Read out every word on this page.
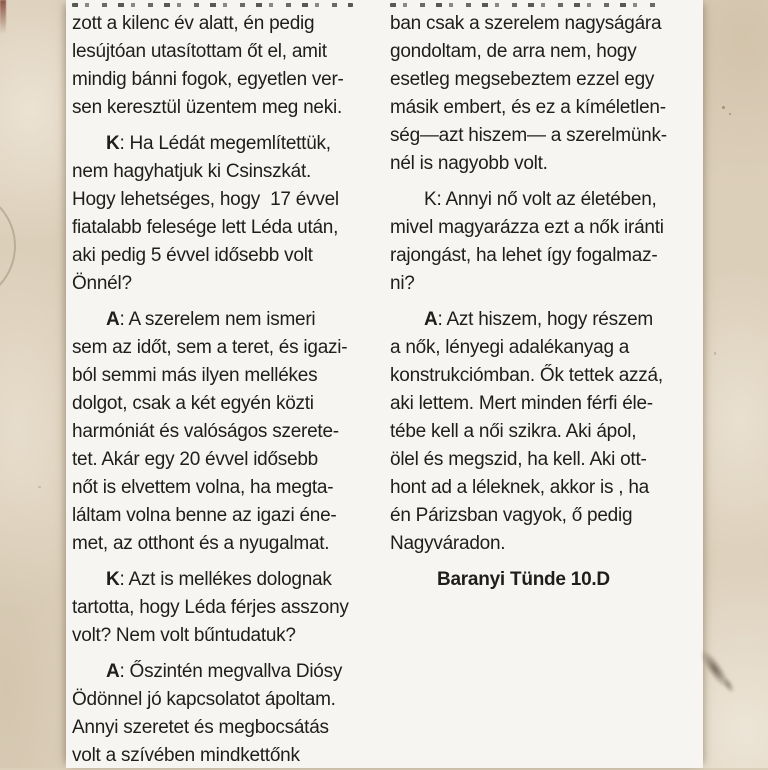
zott a kilenc év alatt, én pedig
lesújtóan utasítottam őt el, amit
mindig bánni fogok, egyetlen ver-
sen keresztül üzentem meg neki.
K: Ha Lédát megemlítettük,
nem hagyhatjuk ki Csinszkát.
Hogy lehetséges, hogy  17 évvel
fiatalabb felesége lett Léda után,
aki pedig 5 évvel idősebb volt
Önnél?
A: A szerelem nem ismeri
sem az időt, sem a teret, és igazi-
ból semmi más ilyen mellékes
dolgot, csak a két egyén közti
harmóniát és valóságos szerete-
tet. Akár egy 20 évvel idősebb
nőt is elvettem volna, ha megta-
láltam volna benne az igazi éne-
met, az otthont és a nyugalmat.
K: Azt is mellékes dolognak
tartotta, hogy Léda férjes asszony
volt? Nem volt bűntudatuk?
A: Őszintén megvallva Diósy
Ödönnel jó kapcsolatot ápoltam.
Annyi szeretet és megbocsátás
volt a szívében mindkettőnk
ban csak a szerelem nagyságára
gondoltam, de arra nem, hogy
esetleg megsebeztem ezzel egy
másik embert, és ez a kíméletlen-
ség—azt hiszem— a szerelmünk-
nél is nagyobb volt.
K: Annyi nő volt az életében,
mivel magyarázza ezt a nők iránti
rajongást, ha lehet így fogalmaz-
ni?
A: Azt hiszem, hogy részem
a nők, lényegi adalékanyag a
konstrukciómban. Ők tettek azzá,
aki lettem. Mert minden férfi éle-
tébe kell a női szikra. Aki ápol,
ölel és megszid, ha kell. Aki ott-
hont ad a léleknek, akkor is , ha
én Párizsban vagyok, ő pedig
Nagyváradon.
Baranyi Tünde 10.D
